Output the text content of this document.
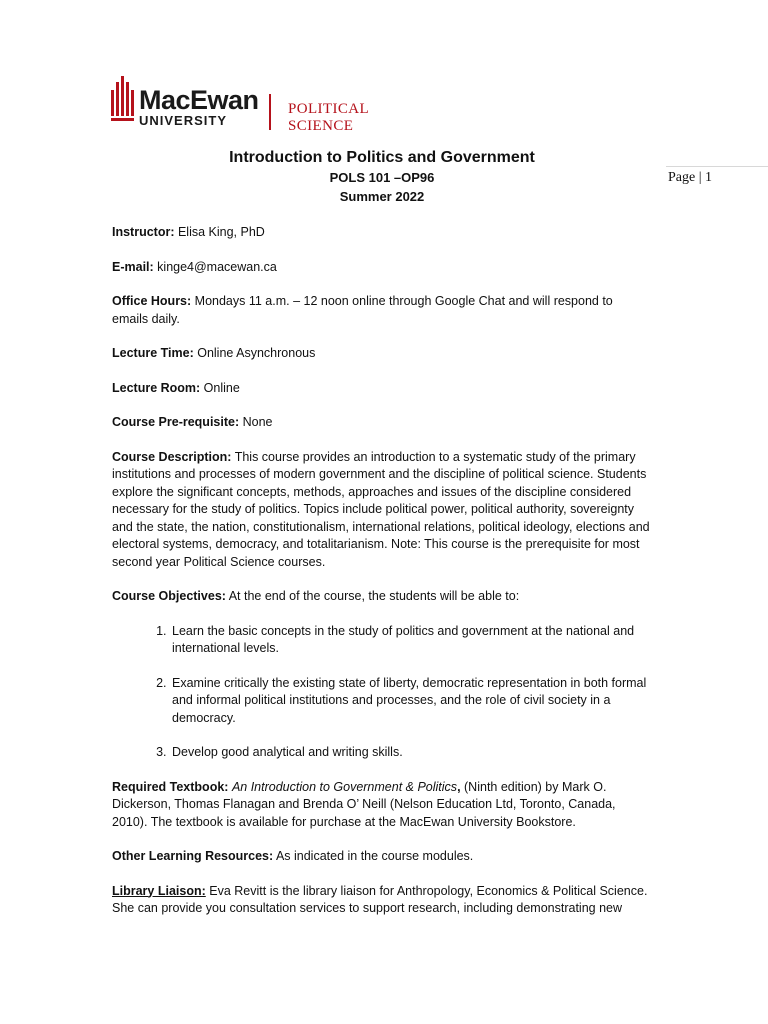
MacEwan
UNIVERSITY
POLITICAL SCIENCE
Page | 1
Introduction to Politics and Government
POLS 101 –OP96
Summer 2022

Instructor: Elisa King, PhD

E-mail: kinge4@macewan.ca

Office Hours: Mondays 11 a.m. – 12 noon online through Google Chat and will respond to emails daily.

Lecture Time: Online Asynchronous

Lecture Room: Online

Course Pre-requisite: None

Course Description: This course provides an introduction to a systematic study of the primary institutions and processes of modern government and the discipline of political science. Students explore the significant concepts, methods, approaches and issues of the discipline considered necessary for the study of politics. Topics include political power, political authority, sovereignty and the state, the nation, constitutionalism, international relations, political ideology, elections and electoral systems, democracy, and totalitarianism. Note: This course is the prerequisite for most second year Political Science courses.

Course Objectives: At the end of the course, the students will be able to:

1. Learn the basic concepts in the study of politics and government at the national and international levels.
2. Examine critically the existing state of liberty, democratic representation in both formal and informal political institutions and processes, and the role of civil society in a democracy.
3. Develop good analytical and writing skills.

Required Textbook: An Introduction to Government & Politics, (Ninth edition) by Mark O. Dickerson, Thomas Flanagan and Brenda O’ Neill (Nelson Education Ltd, Toronto, Canada, 2010). The textbook is available for purchase at the MacEwan University Bookstore.

Other Learning Resources: As indicated in the course modules.

Library Liaison: Eva Revitt is the library liaison for Anthropology, Economics & Political Science. She can provide you consultation services to support research, including demonstrating new
